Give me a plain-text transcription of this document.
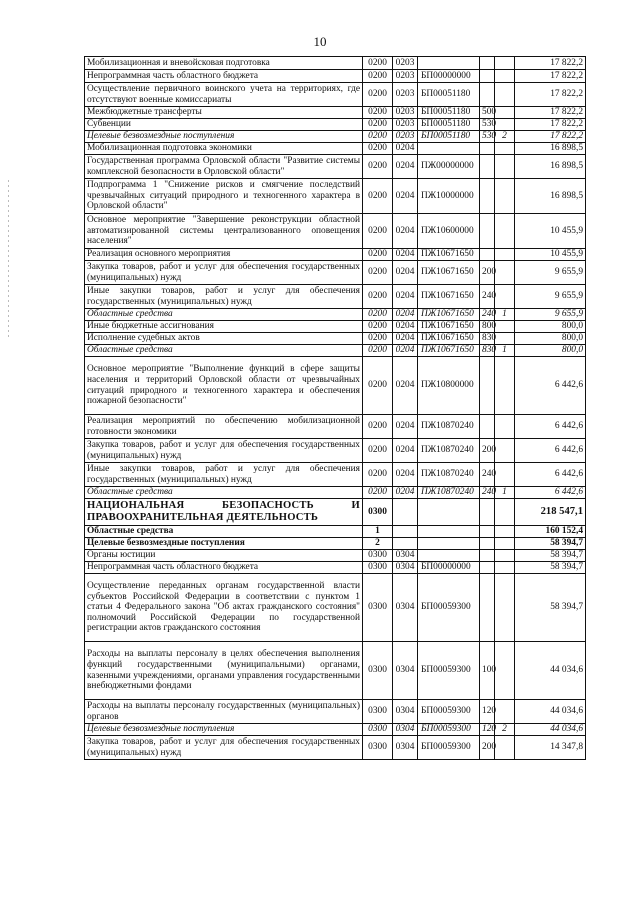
10
Мобилизационная и вневойсковая подготовка	0200	0203				17 822,2
Непрограммная часть областного бюджета	0200	0203	БП00000000			17 822,2
Осуществление первичного воинского учета на территориях, где отсутствуют военные комиссариаты	0200	0203	БП00051180			17 822,2
Межбюджетные трансферты	0200	0203	БП00051180	500		17 822,2
Субвенции	0200	0203	БП00051180	530		17 822,2
Целевые безвозмездные поступления	0200	0203	БП00051180	530	2	17 822,2
Мобилизационная подготовка экономики	0200	0204				16 898,5
Государственная программа Орловской области "Развитие системы комплексной безопасности в Орловской области"	0200	0204	ПЖ00000000			16 898,5
Подпрограмма 1 "Снижение рисков и смягчение последствий чрезвычайных ситуаций природного и техногенного характера в Орловской области"	0200	0204	ПЖ10000000			16 898,5
Основное мероприятие "Завершение реконструкции областной автоматизированной системы централизованного оповещения населения"	0200	0204	ПЖ10600000			10 455,9
Реализация основного мероприятия	0200	0204	ПЖ10671650			10 455,9
Закупка товаров, работ и услуг для обеспечения государственных (муниципальных) нужд	0200	0204	ПЖ10671650	200		9 655,9
Иные закупки товаров, работ и услуг для обеспечения государственных (муниципальных) нужд	0200	0204	ПЖ10671650	240		9 655,9
Областные средства	0200	0204	ПЖ10671650	240	1	9 655,9
Иные бюджетные ассигнования	0200	0204	ПЖ10671650	800		800,0
Исполнение судебных актов	0200	0204	ПЖ10671650	830		800,0
Областные средства	0200	0204	ПЖ10671650	830	1	800,0
Основное мероприятие "Выполнение функций в сфере защиты населения и территорий Орловской области от чрезвычайных ситуаций природного и техногенного характера и обеспечения пожарной безопасности"	0200	0204	ПЖ10800000			6 442,6
Реализация мероприятий по обеспечению мобилизационной готовности экономики	0200	0204	ПЖ10870240			6 442,6
Закупка товаров, работ и услуг для обеспечения государственных (муниципальных) нужд	0200	0204	ПЖ10870240	200		6 442,6
Иные закупки товаров, работ и услуг для обеспечения государственных (муниципальных) нужд	0200	0204	ПЖ10870240	240		6 442,6
Областные средства	0200	0204	ПЖ10870240	240	1	6 442,6
НАЦИОНАЛЬНАЯ БЕЗОПАСНОСТЬ И ПРАВООХРАНИТЕЛЬНАЯ ДЕЯТЕЛЬНОСТЬ	0300					218 547,1
Областные средства	1					160 152,4
Целевые безвозмездные поступления	2					58 394,7
Органы юстиции	0300	0304				58 394,7
Непрограммная часть областного бюджета	0300	0304	БП00000000			58 394,7
Осуществление переданных органам государственной власти субъектов Российской Федерации в соответствии с пунктом 1 статьи 4 Федерального закона "Об актах гражданского состояния" полномочий Российской Федерации по государственной регистрации актов гражданского состояния	0300	0304	БП00059300			58 394,7
Расходы на выплаты персоналу в целях обеспечения выполнения функций государственными (муниципальными) органами, казенными учреждениями, органами управления государственными внебюджетными фондами	0300	0304	БП00059300	100		44 034,6
Расходы на выплаты персоналу государственных (муниципальных) органов	0300	0304	БП00059300	120		44 034,6
Целевые безвозмездные поступления	0300	0304	БП00059300	120	2	44 034,6
Закупка товаров, работ и услуг для обеспечения государственных (муниципальных) нужд	0300	0304	БП00059300	200		14 347,8
